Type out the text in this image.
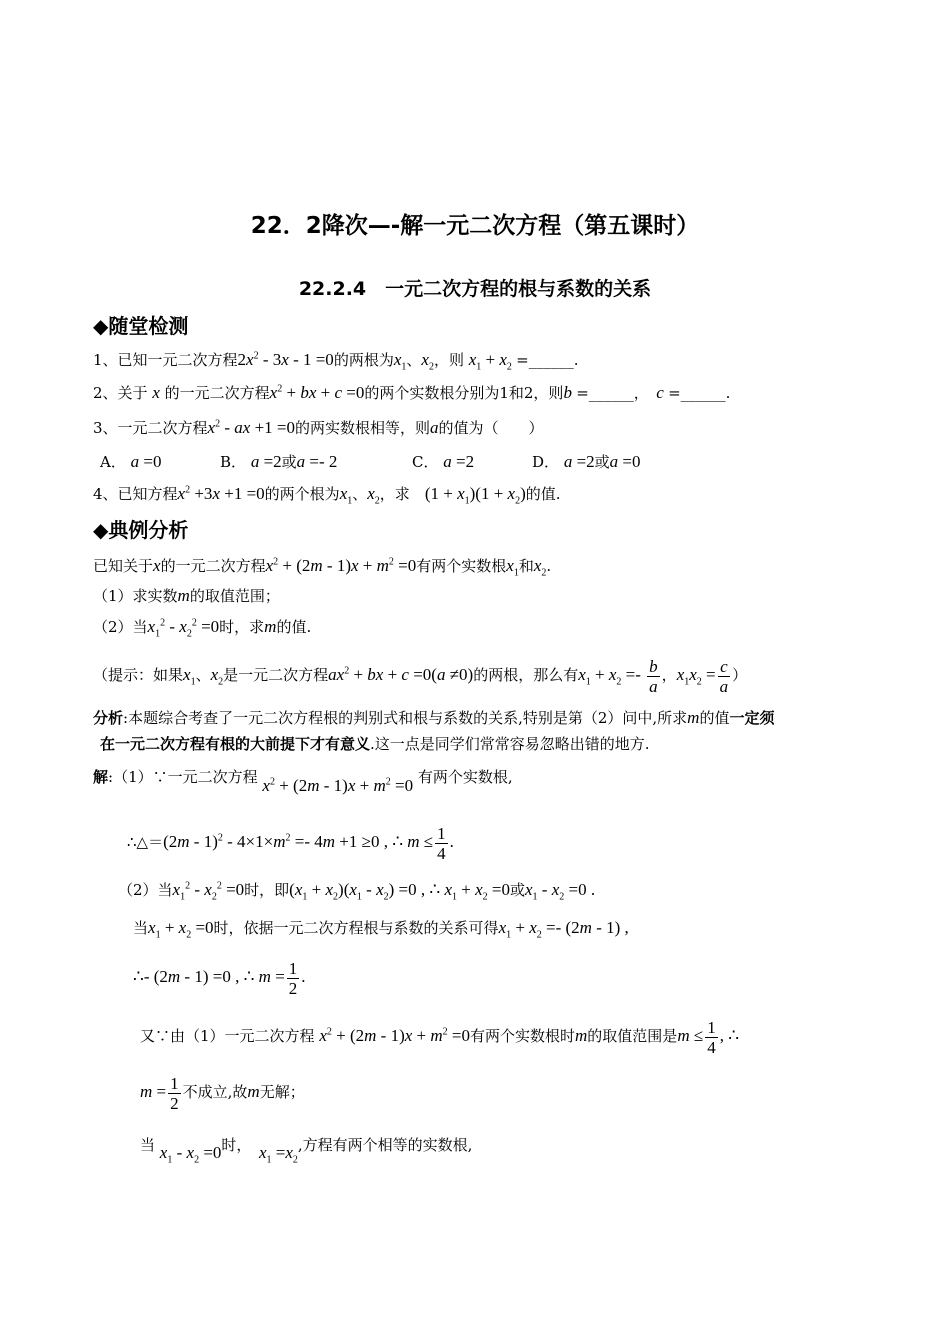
22．2降次—-解一元二次方程（第五课时）
22.2.4　一元二次方程的根与系数的关系
◆随堂检测
1、已知一元二次方程$2x^2 - 3x - 1 =0$的两根为$x_1$、$x_2$，则 $x_1 + x_2$ =______.
2、关于 x 的一元二次方程$x^2$ + bx + c =0的两个实数根分别为1和2，则b =______，　 c =______.
3、一元二次方程$x^2$ - ax +1 =0的两实数根相等，则a的值为（　　）
A． a =0	B． a =2或a =- 2	C． a =2	D． a =2或a =0
4、已知方程$x^2 +3x +1 =0$的两个根为$x_1$、$x_2$，求　 $(1 + x_1)(1 + x_2)$的值.
◆典例分析
已知关于x的一元二次方程$x^2 + (2m - 1)x + m^2 =0$有两个实数根$x_1$和$x_2$.
（1）求实数m的取值范围；
（2）当$x_1^2 - x_2^2 =0$时，求m的值.
（提示：如果$x_1$、$x_2$是一元二次方程$ax^2$ + bx + c =0(a ≠0)的两根，那么有$x_1 + x_2 =- \frac{b}{a}$ ，$x_1x_2 = \frac{c}{a}$ ）
分析:本题综合考查了一元二次方程根的判别式和根与系数的关系,特别是第（2）问中,所求m的值一定须
在一元二次方程有根的大前提下才有意义.这一点是同学们常常容易忽略出错的地方.
解:（1）∵一元二次方程 $x^2 + (2m - 1)x + m^2 =0$ 有两个实数根,
∴△＝(2m - $1)^2 - 4\times 1\times m^2 =- 4m +1 \ge 0$ , ∴ $m \le \frac{1}{4}$ .
（2）当$x_1^2 - x_2^2 =0$时，即$(x_1 + x_2)(x_1 - x_2) =0$ , ∴ $x_1 + x_2 =0$或$x_1 - x_2 =0$ .
当$x_1 + x_2 =0$时，依据一元二次方程根与系数的关系可得$x_1 + x_2 =- (2m - 1)$ ,
∴- (2m - 1) =0 , ∴ $m = \frac{1}{2}$ .
又∵由（1）一元二次方程 $x^2 + (2m - 1)x + m^2 =0$有两个实数根时m的取值范围是$m \le \frac{1}{4}$ , ∴
$m = \frac{1}{2}$ 不成立,故m无解；
当 $x_1 - x_2 =0$时，　 $x_1 =x_2$,方程有两个相等的实数根,
